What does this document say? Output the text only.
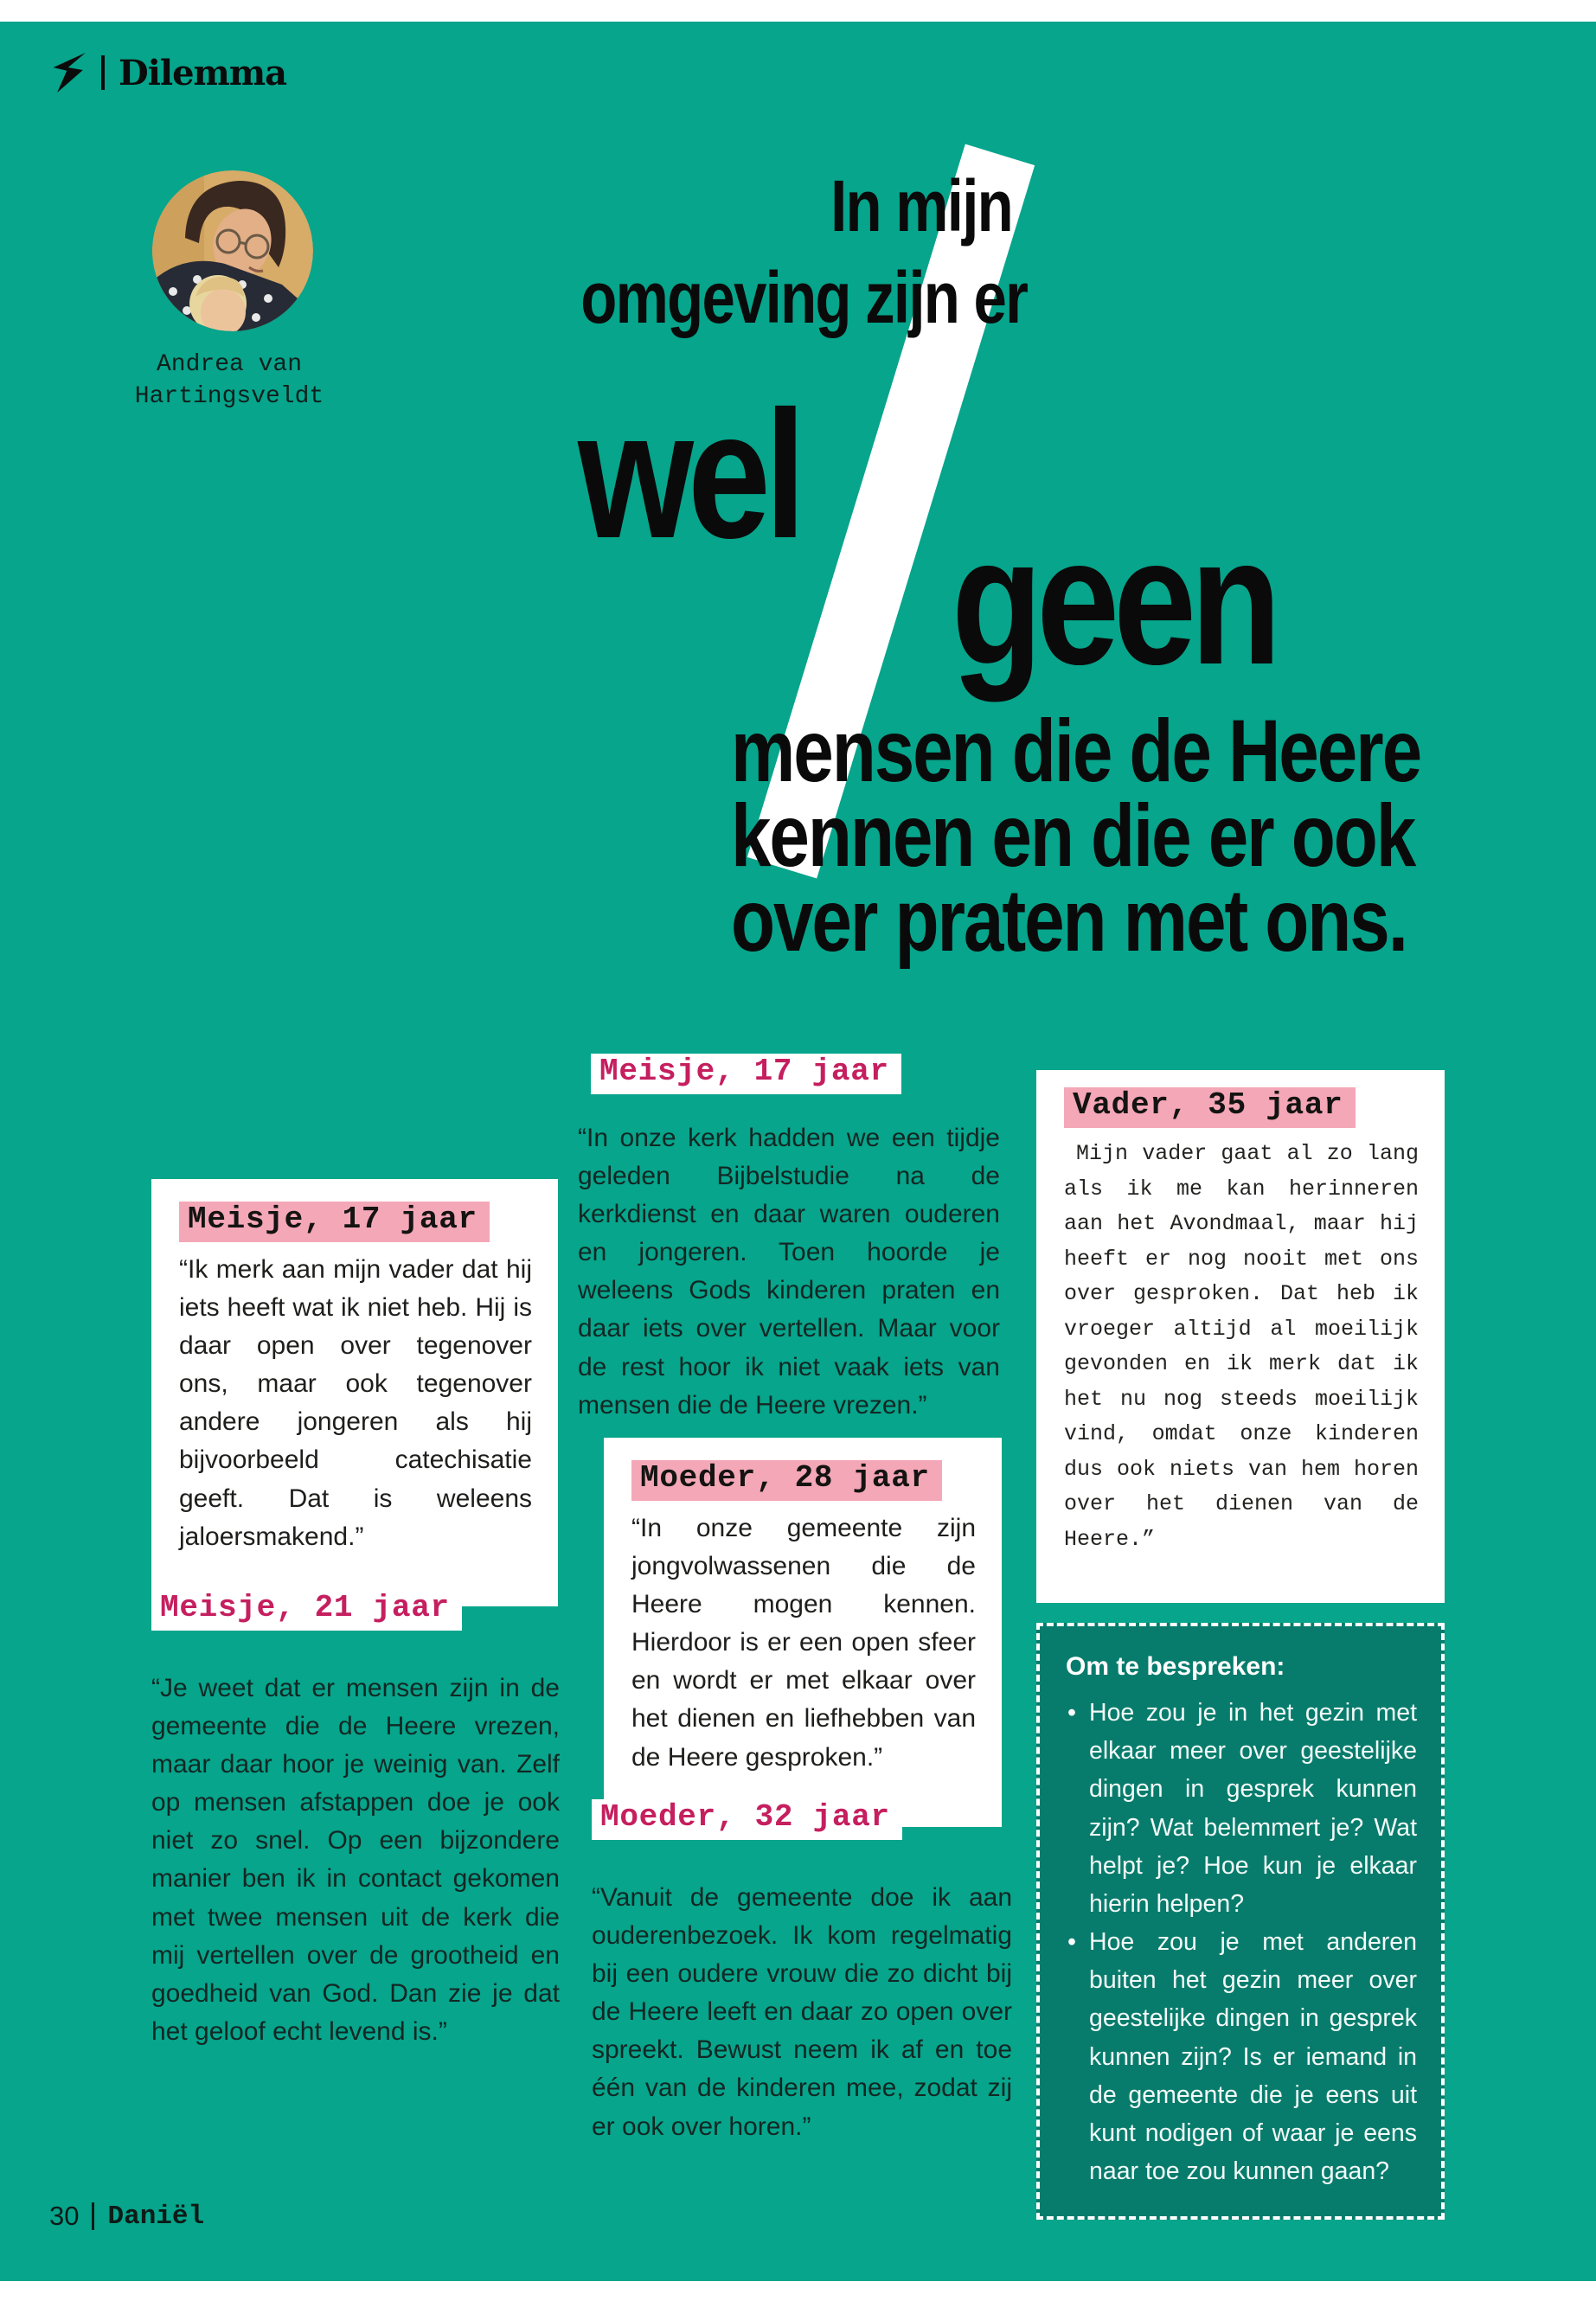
Dilemma
Andrea van
Hartingsveldt
In mijn
omgeving zijn er
wel
geen
mensen die de Heere
kennen en die er ook
over praten met ons.
Meisje, 17 jaar

“Ik merk aan mijn vader dat hij iets heeft wat ik niet heb. Hij is daar open over tegenover ons, maar ook tegenover andere jongeren als hij bijvoorbeeld catechisatie geeft. Dat is weleens jaloersmakend.”

Meisje, 21 jaar

“Je weet dat er mensen zijn in de gemeente die de Heere vrezen, maar daar hoor je weinig van. Zelf op mensen afstappen doe je ook niet zo snel. Op een bijzondere manier ben ik in contact gekomen met twee mensen uit de kerk die mij vertellen over de grootheid en goedheid van God. Dan zie je dat het geloof echt levend is.”

Meisje, 17 jaar

“In onze kerk hadden we een tijdje geleden Bijbelstudie na de kerkdienst en daar waren ouderen en jongeren. Toen hoorde je weleens Gods kinderen praten en daar iets over vertellen. Maar voor de rest hoor ik niet vaak iets van mensen die de Heere vrezen.”

Moeder, 28 jaar

“In onze gemeente zijn jongvolwassenen die de Heere mogen kennen. Hierdoor is er een open sfeer en wordt er met elkaar over het dienen en liefhebben van de Heere gesproken.”

Moeder, 32 jaar

“Vanuit de gemeente doe ik aan ouderenbezoek. Ik kom regelmatig bij een oudere vrouw die zo dicht bij de Heere leeft en daar zo open over spreekt. Bewust neem ik af en toe één van de kinderen mee, zodat zij er ook over horen.”

Vader, 35 jaar

Mijn vader gaat al zo lang als ik me kan herinneren aan het Avondmaal, maar hij heeft er nog nooit met ons over gesproken. Dat heb ik vroeger altijd al moeilijk gevonden en ik merk dat ik het nu nog steeds moeilijk vind, omdat onze kinderen dus ook niets van hem horen over het dienen van de Heere.”

Om te bespreken:
• Hoe zou je in het gezin met elkaar meer over geestelijke dingen in gesprek kunnen zijn? Wat belemmert je? Wat helpt je? Hoe kun je elkaar hierin helpen?
• Hoe zou je met anderen buiten het gezin meer over geestelijke dingen in gesprek kunnen zijn? Is er iemand in de gemeente die je eens uit kunt nodigen of waar je eens naar toe zou kunnen gaan?
30 Daniël
